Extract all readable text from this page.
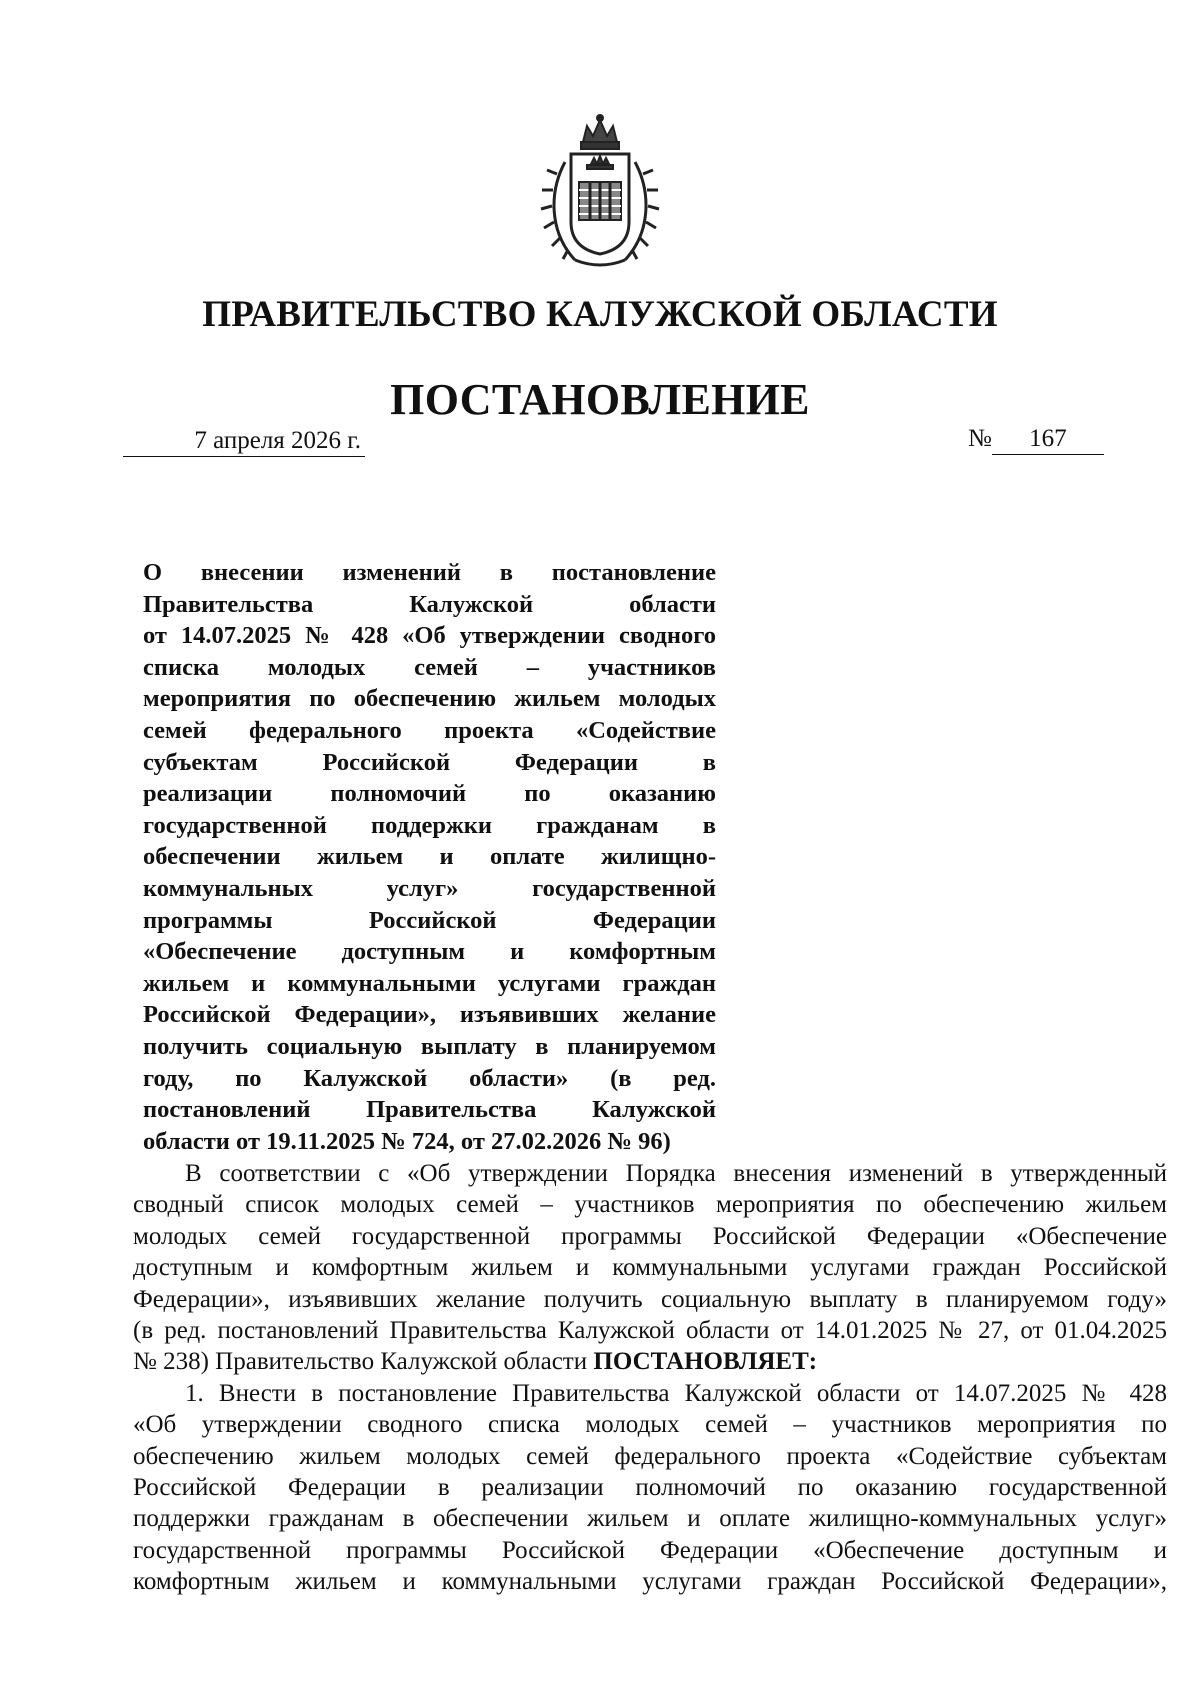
ПРАВИТЕЛЬСТВО КАЛУЖСКОЙ ОБЛАСТИ
ПОСТАНОВЛЕНИЕ
7 апреля 2026 г.	№ 167
О внесении изменений в постановление
Правительства Калужской области
от 14.07.2025 № 428 «Об утверждении сводного
списка молодых семей – участников
мероприятия по обеспечению жильем молодых
семей федерального проекта «Содействие
субъектам Российской Федерации в
реализации полномочий по оказанию
государственной поддержки гражданам в
обеспечении жильем и оплате жилищно-
коммунальных услуг» государственной
программы Российской Федерации
«Обеспечение доступным и комфортным
жильем и коммунальными услугами граждан
Российской Федерации», изъявивших желание
получить социальную выплату в планируемом
году, по Калужской области» (в ред.
постановлений Правительства Калужской
области от 19.11.2025 № 724, от 27.02.2026 № 96)
В соответствии с «Об утверждении Порядка внесения изменений в утвержденный
сводный список молодых семей – участников мероприятия по обеспечению жильем
молодых семей государственной программы Российской Федерации «Обеспечение
доступным и комфортным жильем и коммунальными услугами граждан Российской
Федерации», изъявивших желание получить социальную выплату в планируемом году»
(в ред. постановлений Правительства Калужской области от 14.01.2025 № 27, от 01.04.2025
№ 238) Правительство Калужской области ПОСТАНОВЛЯЕТ:
1. Внести в постановление Правительства Калужской области от 14.07.2025 № 428
«Об утверждении сводного списка молодых семей – участников мероприятия по
обеспечению жильем молодых семей федерального проекта «Содействие субъектам
Российской Федерации в реализации полномочий по оказанию государственной
поддержки гражданам в обеспечении жильем и оплате жилищно-коммунальных услуг»
государственной программы Российской Федерации «Обеспечение доступным и
комфортным жильем и коммунальными услугами граждан Российской Федерации»,
